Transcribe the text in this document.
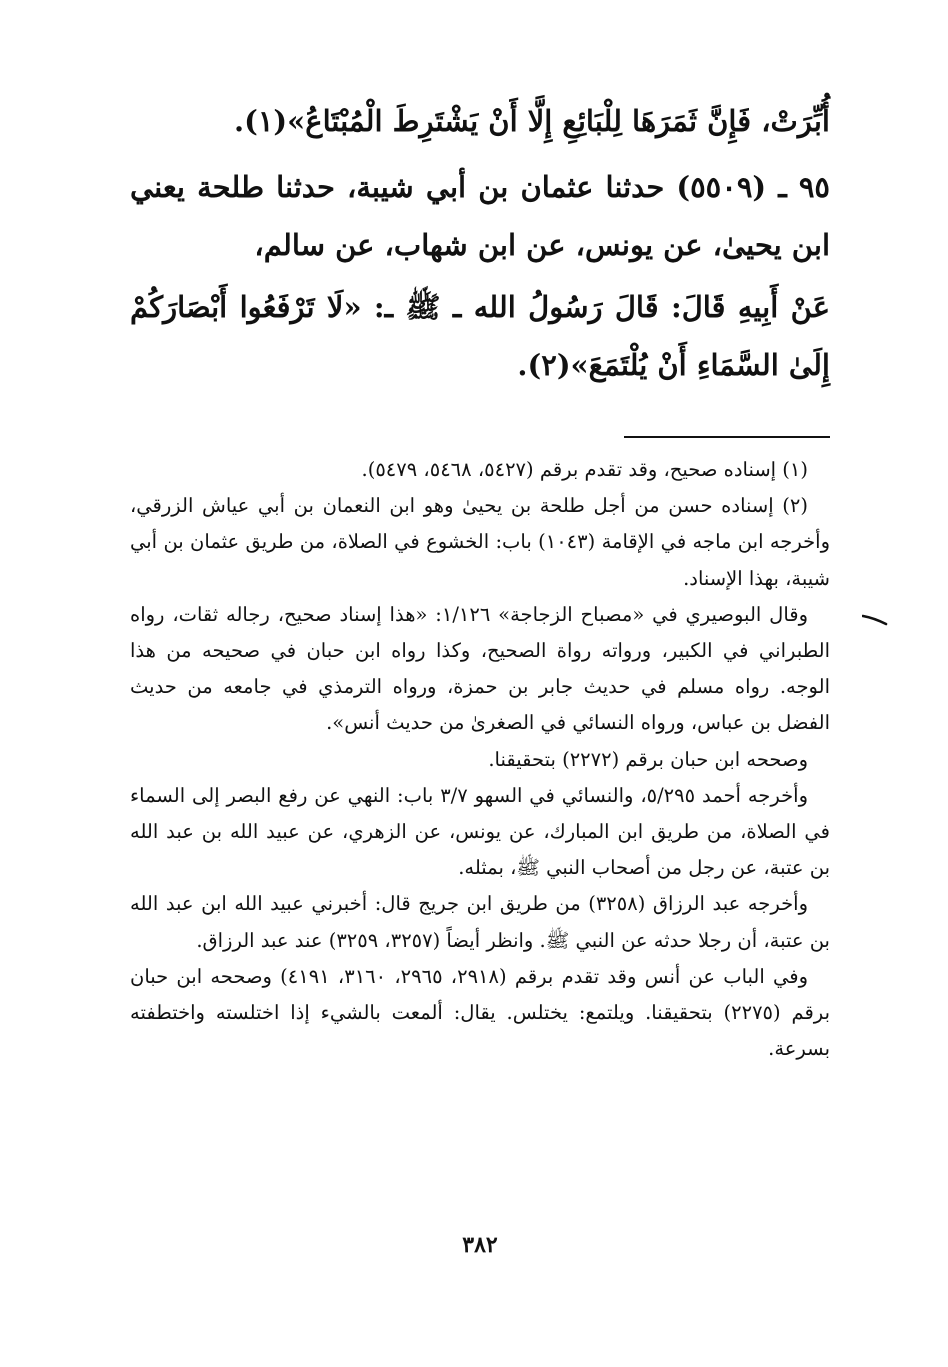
أُبِّرَتْ، فَإِنَّ ثَمَرَهَا لِلْبَائِعِ إِلَّا أَنْ يَشْتَرِطَ الْمُبْتَاعُ»(١).

٩٥ ـ (٥٥٠٩) حدثنا عثمان بن أبي شيبة، حدثنا طلحة يعني ابن يحيىٰ، عن يونس، عن ابن شهاب، عن سالم،

عَنْ أَبِيهِ قَالَ: قَالَ رَسُولُ الله ـ ﷺ ـ: «لَا تَرْفَعُوا أَبْصَارَكُمْ إِلَىٰ السَّمَاءِ أَنْ يُلْتَمَعَ»(٢).

(١) إسناده صحيح، وقد تقدم برقم (٥٤٢٧، ٥٤٦٨، ٥٤٧٩).

(٢) إسناده حسن من أجل طلحة بن يحيىٰ وهو ابن النعمان بن أبي عياش الزرقي، وأخرجه ابن ماجه في الإقامة (١٠٤٣) باب: الخشوع في الصلاة، من طريق عثمان بن أبي شيبة، بهذا الإسناد.

وقال البوصيري في «مصباح الزجاجة» ١/١٢٦: «هذا إسناد صحيح، رجاله ثقات، رواه الطبراني في الكبير، ورواته رواة الصحيح، وكذا رواه ابن حبان في صحيحه من هذا الوجه. رواه مسلم في حديث جابر بن حمزة، ورواه الترمذي في جامعه من حديث الفضل بن عباس، ورواه النسائي في الصغرىٰ من حديث أنس».

وصححه ابن حبان برقم (٢٢٧٢) بتحقيقنا.

وأخرجه أحمد ٥/٢٩٥، والنسائي في السهو ٣/٧ باب: النهي عن رفع البصر إلى السماء في الصلاة، من طريق ابن المبارك، عن يونس، عن الزهري، عن عبيد الله بن عبد الله بن عتبة، عن رجل من أصحاب النبي ﷺ، بمثله.

وأخرجه عبد الرزاق (٣٢٥٨) من طريق ابن جريج قال: أخبرني عبيد الله ابن عبد الله بن عتبة، أن رجلا حدثه عن النبي ﷺ. وانظر أيضاً (٣٢٥٧، ٣٢٥٩) عند عبد الرزاق.

وفي الباب عن أنس وقد تقدم برقم (٢٩١٨، ٢٩٦٥، ٣١٦٠، ٤١٩١) وصححه ابن حبان برقم (٢٢٧٥) بتحقيقنا. ويلتمع: يختلس. يقال: ألمعت بالشيء إذا اختلسته واختطفته بسرعة.

٣٨٢
